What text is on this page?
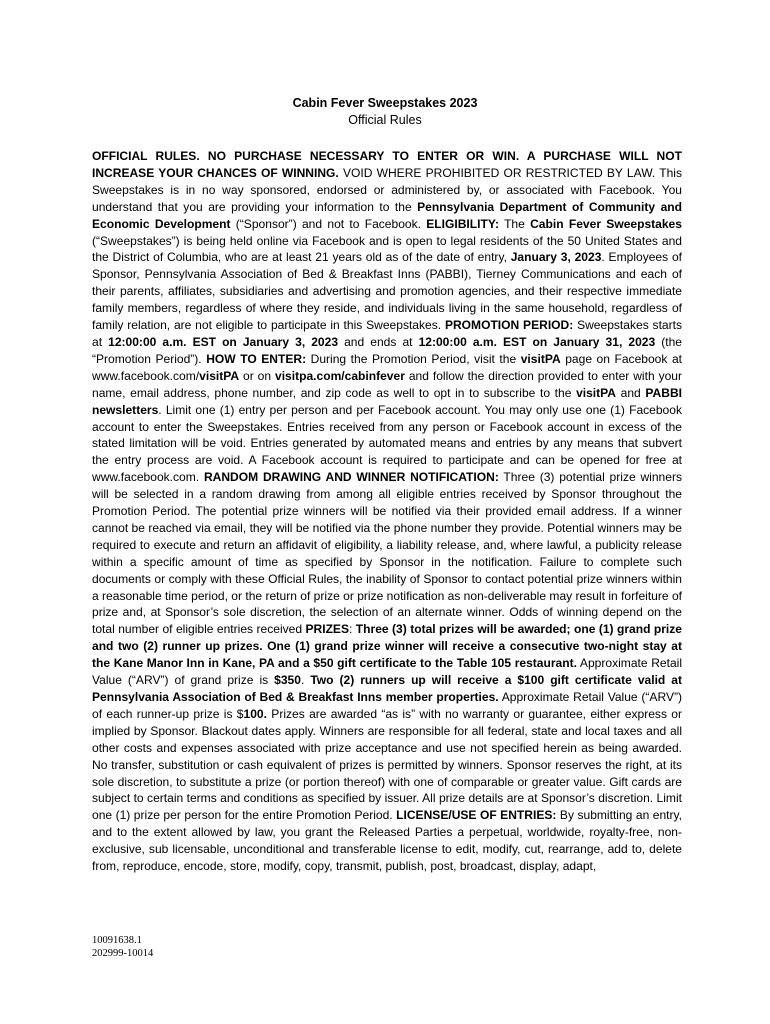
Cabin Fever Sweepstakes 2023
Official Rules

OFFICIAL RULES. NO PURCHASE NECESSARY TO ENTER OR WIN. A PURCHASE WILL NOT INCREASE YOUR CHANCES OF WINNING. VOID WHERE PROHIBITED OR RESTRICTED BY LAW. This Sweepstakes is in no way sponsored, endorsed or administered by, or associated with Facebook. You understand that you are providing your information to the Pennsylvania Department of Community and Economic Development (“Sponsor”) and not to Facebook. ELIGIBILITY: The Cabin Fever Sweepstakes (“Sweepstakes”) is being held online via Facebook and is open to legal residents of the 50 United States and the District of Columbia, who are at least 21 years old as of the date of entry, January 3, 2023. Employees of Sponsor, Pennsylvania Association of Bed & Breakfast Inns (PABBI), Tierney Communications and each of their parents, affiliates, subsidiaries and advertising and promotion agencies, and their respective immediate family members, regardless of where they reside, and individuals living in the same household, regardless of family relation, are not eligible to participate in this Sweepstakes. PROMOTION PERIOD: Sweepstakes starts at 12:00:00 a.m. EST on January 3, 2023 and ends at 12:00:00 a.m. EST on January 31, 2023 (the “Promotion Period”). HOW TO ENTER: During the Promotion Period, visit the visitPA page on Facebook at www.facebook.com/visitPA or on visitpa.com/cabinfever and follow the direction provided to enter with your name, email address, phone number, and zip code as well to opt in to subscribe to the visitPA and PABBI newsletters. Limit one (1) entry per person and per Facebook account. You may only use one (1) Facebook account to enter the Sweepstakes. Entries received from any person or Facebook account in excess of the stated limitation will be void. Entries generated by automated means and entries by any means that subvert the entry process are void. A Facebook account is required to participate and can be opened for free at www.facebook.com. RANDOM DRAWING AND WINNER NOTIFICATION: Three (3) potential prize winners will be selected in a random drawing from among all eligible entries received by Sponsor throughout the Promotion Period. The potential prize winners will be notified via their provided email address. If a winner cannot be reached via email, they will be notified via the phone number they provide. Potential winners may be required to execute and return an affidavit of eligibility, a liability release, and, where lawful, a publicity release within a specific amount of time as specified by Sponsor in the notification. Failure to complete such documents or comply with these Official Rules, the inability of Sponsor to contact potential prize winners within a reasonable time period, or the return of prize or prize notification as non-deliverable may result in forfeiture of prize and, at Sponsor’s sole discretion, the selection of an alternate winner. Odds of winning depend on the total number of eligible entries received PRIZES: Three (3) total prizes will be awarded; one (1) grand prize and two (2) runner up prizes. One (1) grand prize winner will receive a consecutive two-night stay at the Kane Manor Inn in Kane, PA and a $50 gift certificate to the Table 105 restaurant. Approximate Retail Value (“ARV”) of grand prize is $350. Two (2) runners up will receive a $100 gift certificate valid at Pennsylvania Association of Bed & Breakfast Inns member properties. Approximate Retail Value (“ARV”) of each runner-up prize is $100. Prizes are awarded “as is” with no warranty or guarantee, either express or implied by Sponsor. Blackout dates apply. Winners are responsible for all federal, state and local taxes and all other costs and expenses associated with prize acceptance and use not specified herein as being awarded. No transfer, substitution or cash equivalent of prizes is permitted by winners. Sponsor reserves the right, at its sole discretion, to substitute a prize (or portion thereof) with one of comparable or greater value. Gift cards are subject to certain terms and conditions as specified by issuer. All prize details are at Sponsor’s discretion. Limit one (1) prize per person for the entire Promotion Period. LICENSE/USE OF ENTRIES: By submitting an entry, and to the extent allowed by law, you grant the Released Parties a perpetual, worldwide, royalty-free, non-exclusive, sub licensable, unconditional and transferable license to edit, modify, cut, rearrange, add to, delete from, reproduce, encode, store, modify, copy, transmit, publish, post, broadcast, display, adapt,

10091638.1
202999-10014
